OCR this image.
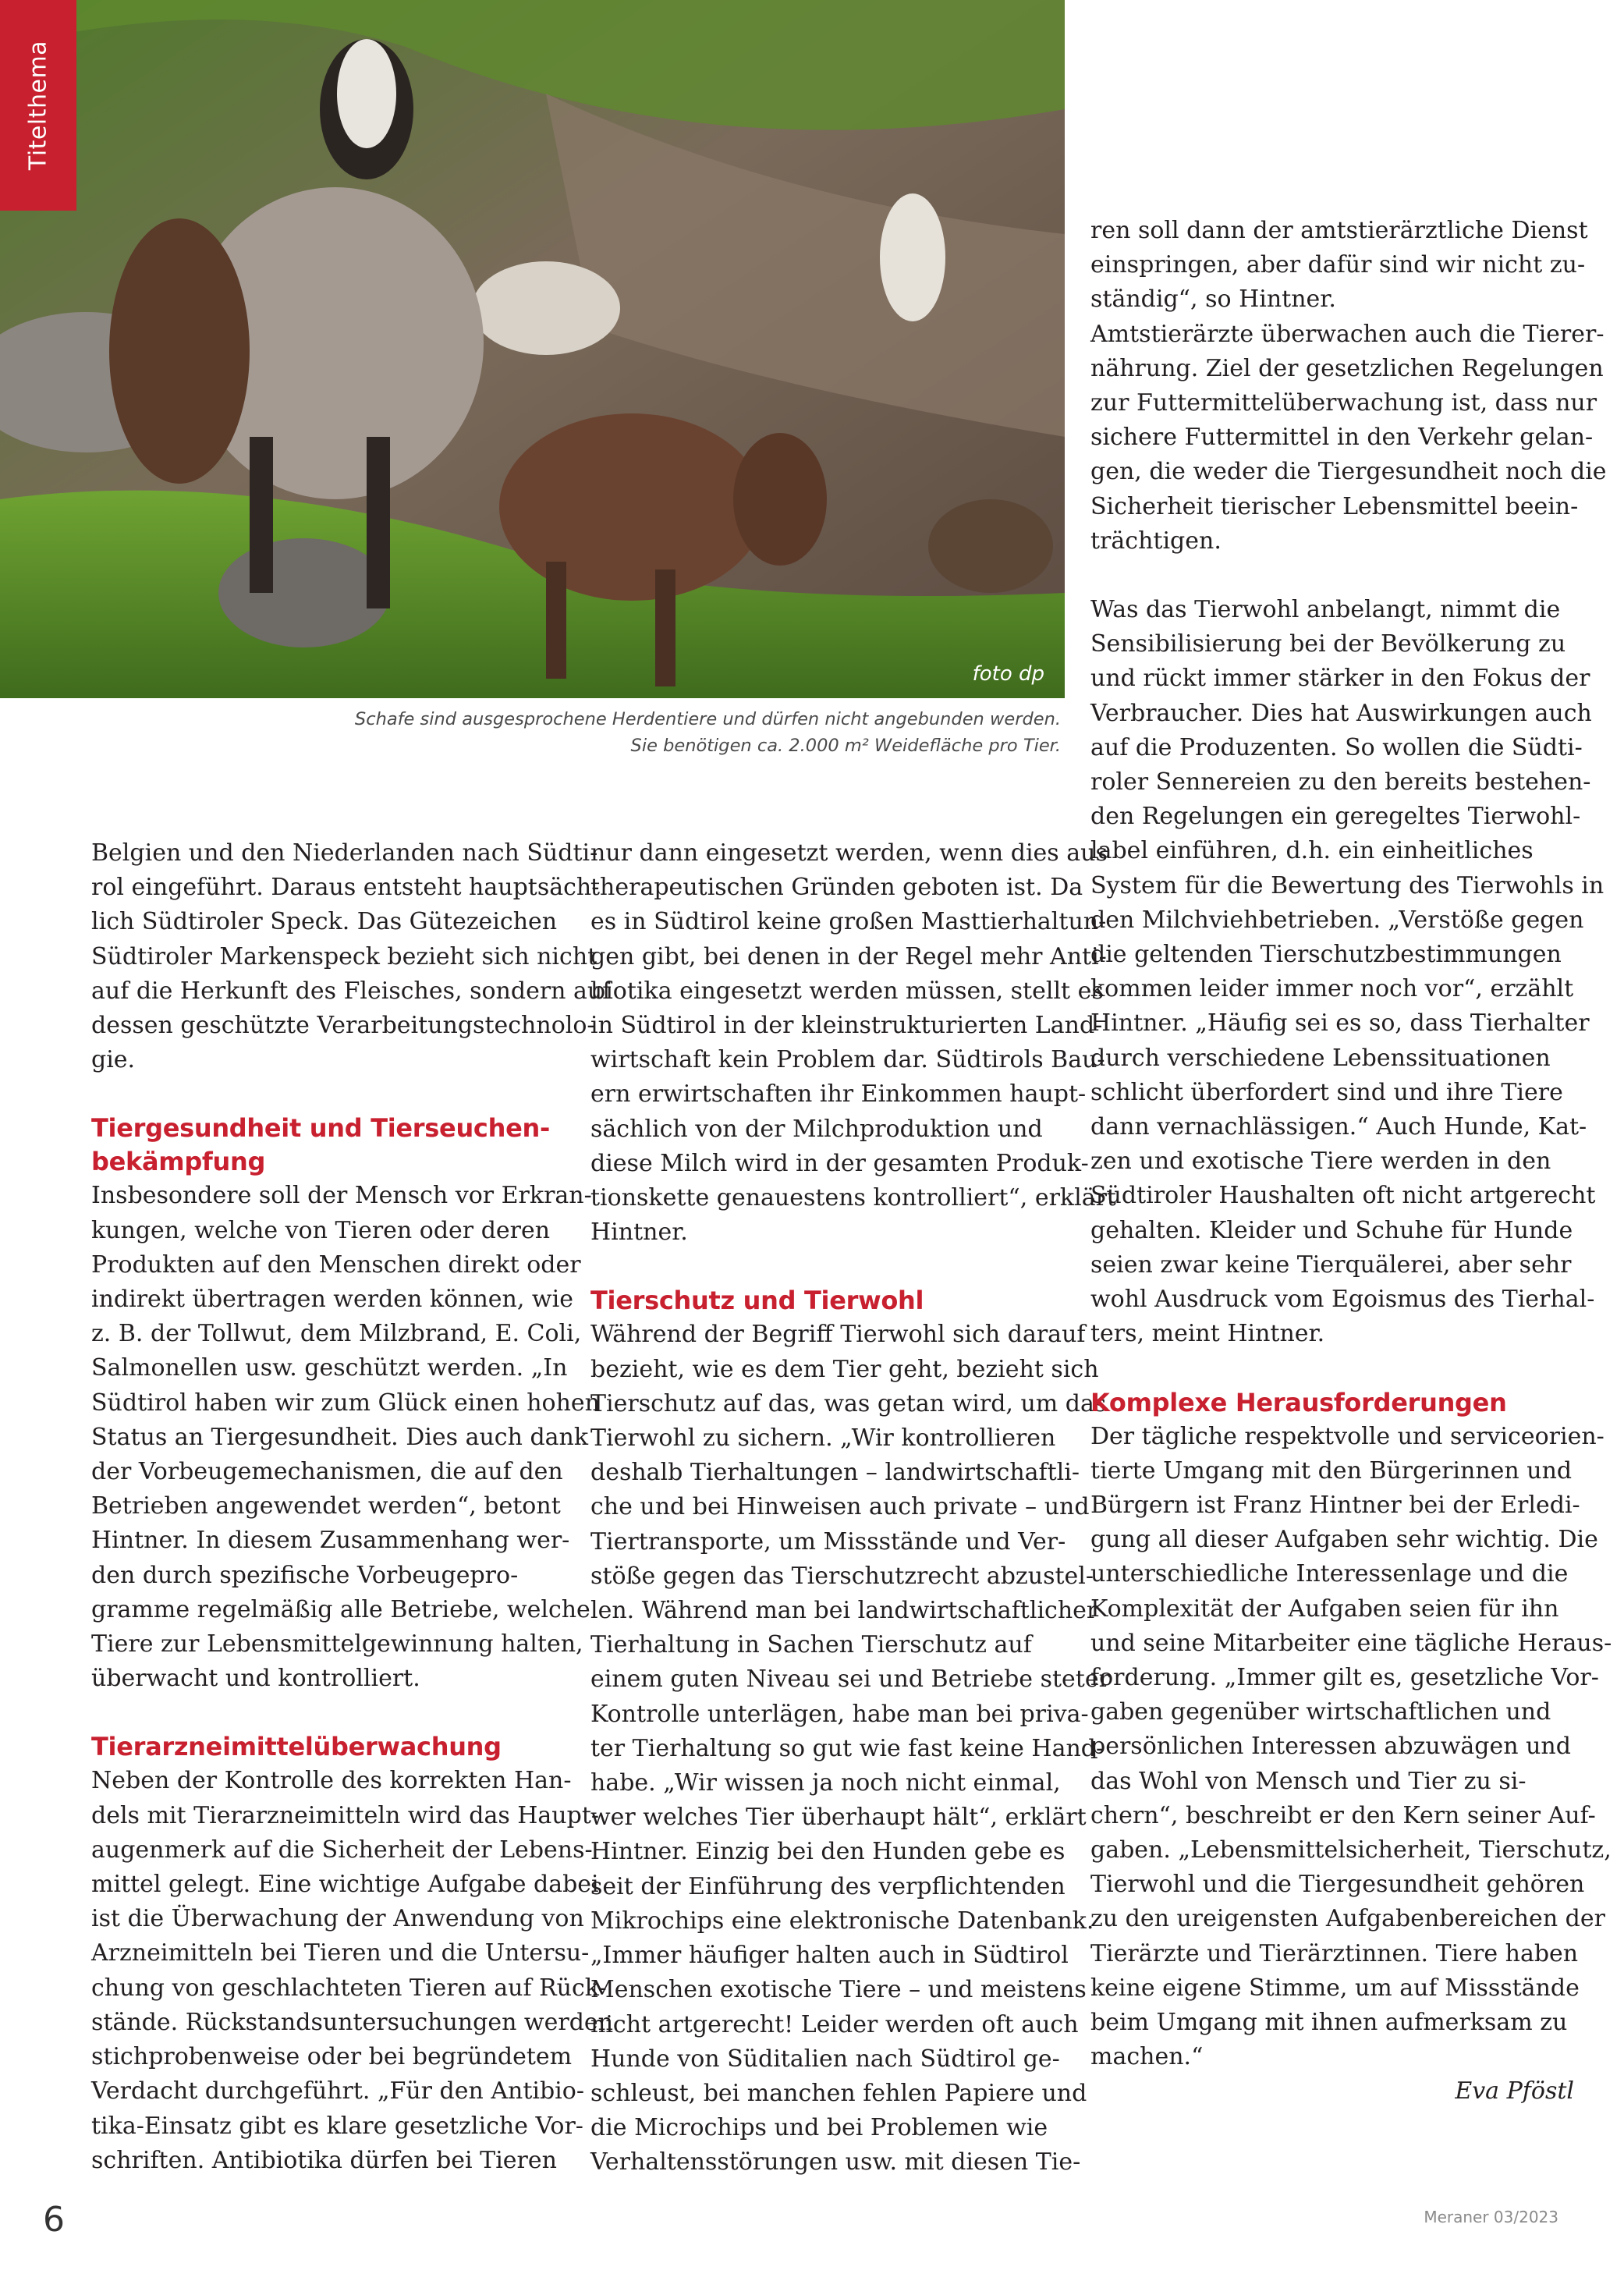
foto dp
Titelthema
Schafe sind ausgesprochene Herdentiere und dürfen nicht angebunden werden.
Sie benötigen ca. 2.000 m² Weidefläche pro Tier.

Belgien und den Niederlanden nach Südti-

rol eingeführt. Daraus entsteht hauptsäch-

lich Südtiroler Speck. Das Gütezeichen

Südtiroler Markenspeck bezieht sich nicht

auf die Herkunft des Fleisches, sondern auf

dessen geschützte Verarbeitungstechnolo-

gie.

Tiergesundheit und Tierseuchen-
bekämpfung

Insbesondere soll der Mensch vor Erkran-

kungen, welche von Tieren oder deren

Produkten auf den Menschen direkt oder

indirekt übertragen werden können, wie

z. B. der Tollwut, dem Milzbrand, E. Coli,

Salmonellen usw. geschützt werden. „In

Südtirol haben wir zum Glück einen hohen

Status an Tiergesundheit. Dies auch dank

der Vorbeugemechanismen, die auf den

Betrieben angewendet werden“, betont

Hintner. In diesem Zusammenhang wer-

den durch spezifische Vorbeugepro-

gramme regelmäßig alle Betriebe, welche

Tiere zur Lebensmittelgewinnung halten,

überwacht und kontrolliert.

Tierarzneimittelüberwachung

Neben der Kontrolle des korrekten Han-

dels mit Tierarzneimitteln wird das Haupt-

augenmerk auf die Sicherheit der Lebens-

mittel gelegt. Eine wichtige Aufgabe dabei

ist die Überwachung der Anwendung von

Arzneimitteln bei Tieren und die Untersu-

chung von geschlachteten Tieren auf Rück-

stände. Rückstandsuntersuchungen werden

stichprobenweise oder bei begründetem

Verdacht durchgeführt. „Für den Antibio-

tika-Einsatz gibt es klare gesetzliche Vor-

schriften. Antibiotika dürfen bei Tieren

nur dann eingesetzt werden, wenn dies aus

therapeutischen Gründen geboten ist. Da

es in Südtirol keine großen Masttierhaltun-

gen gibt, bei denen in der Regel mehr Anti-

biotika eingesetzt werden müssen, stellt es

in Südtirol in der kleinstrukturierten Land-

wirtschaft kein Problem dar. Südtirols Bau-

ern erwirtschaften ihr Einkommen haupt-

sächlich von der Milchproduktion und

diese Milch wird in der gesamten Produk-

tionskette genauestens kontrolliert“, erklärt

Hintner.

Tierschutz und Tierwohl

Während der Begriff Tierwohl sich darauf

bezieht, wie es dem Tier geht, bezieht sich

Tierschutz auf das, was getan wird, um das

Tierwohl zu sichern. „Wir kontrollieren

deshalb Tierhaltungen – landwirtschaftli-

che und bei Hinweisen auch private – und

Tiertransporte, um Missstände und Ver-

stöße gegen das Tierschutzrecht abzustel-

len. Während man bei landwirtschaftlicher

Tierhaltung in Sachen Tierschutz auf

einem guten Niveau sei und Betriebe steter

Kontrolle unterlägen, habe man bei priva-

ter Tierhaltung so gut wie fast keine Hand-

habe. „Wir wissen ja noch nicht einmal,

wer welches Tier überhaupt hält“, erklärt

Hintner. Einzig bei den Hunden gebe es

seit der Einführung des verpflichtenden

Mikrochips eine elektronische Datenbank.

„Immer häufiger halten auch in Südtirol

Menschen exotische Tiere – und meistens

nicht artgerecht! Leider werden oft auch

Hunde von Süditalien nach Südtirol ge-

schleust, bei manchen fehlen Papiere und

die Microchips und bei Problemen wie

Verhaltensstörungen usw. mit diesen Tie-

ren soll dann der amtstierärztliche Dienst

einspringen, aber dafür sind wir nicht zu-

ständig“, so Hintner.

Amtstierärzte überwachen auch die Tierer-

nährung. Ziel der gesetzlichen Regelungen

zur Futtermittelüberwachung ist, dass nur

sichere Futtermittel in den Verkehr gelan-

gen, die weder die Tiergesundheit noch die

Sicherheit tierischer Lebensmittel beein-

trächtigen.

Was das Tierwohl anbelangt, nimmt die

Sensibilisierung bei der Bevölkerung zu

und rückt immer stärker in den Fokus der

Verbraucher. Dies hat Auswirkungen auch

auf die Produzenten. So wollen die Südti-

roler Sennereien zu den bereits bestehen-

den Regelungen ein geregeltes Tierwohl-

label einführen, d.h. ein einheitliches

System für die Bewertung des Tierwohls in

den Milchviehbetrieben. „Verstöße gegen

die geltenden Tierschutzbestimmungen

kommen leider immer noch vor“, erzählt

Hintner. „Häufig sei es so, dass Tierhalter

durch verschiedene Lebenssituationen

schlicht überfordert sind und ihre Tiere

dann vernachlässigen.“ Auch Hunde, Kat-

zen und exotische Tiere werden in den

Südtiroler Haushalten oft nicht artgerecht

gehalten. Kleider und Schuhe für Hunde

seien zwar keine Tierquälerei, aber sehr

wohl Ausdruck vom Egoismus des Tierhal-

ters, meint Hintner.

Komplexe Herausforderungen

Der tägliche respektvolle und serviceorien-

tierte Umgang mit den Bürgerinnen und

Bürgern ist Franz Hintner bei der Erledi-

gung all dieser Aufgaben sehr wichtig. Die

unterschiedliche Interessenlage und die

Komplexität der Aufgaben seien für ihn

und seine Mitarbeiter eine tägliche Heraus-

forderung. „Immer gilt es, gesetzliche Vor-

gaben gegenüber wirtschaftlichen und

persönlichen Interessen abzuwägen und

das Wohl von Mensch und Tier zu si-

chern“, beschreibt er den Kern seiner Auf-

gaben. „Lebensmittelsicherheit, Tierschutz,

Tierwohl und die Tiergesundheit gehören

zu den ureigensten Aufgabenbereichen der

Tierärzte und Tierärztinnen. Tiere haben

keine eigene Stimme, um auf Missstände

beim Umgang mit ihnen aufmerksam zu

machen.“

Eva Pföstl

6	Meraner 03/2023
